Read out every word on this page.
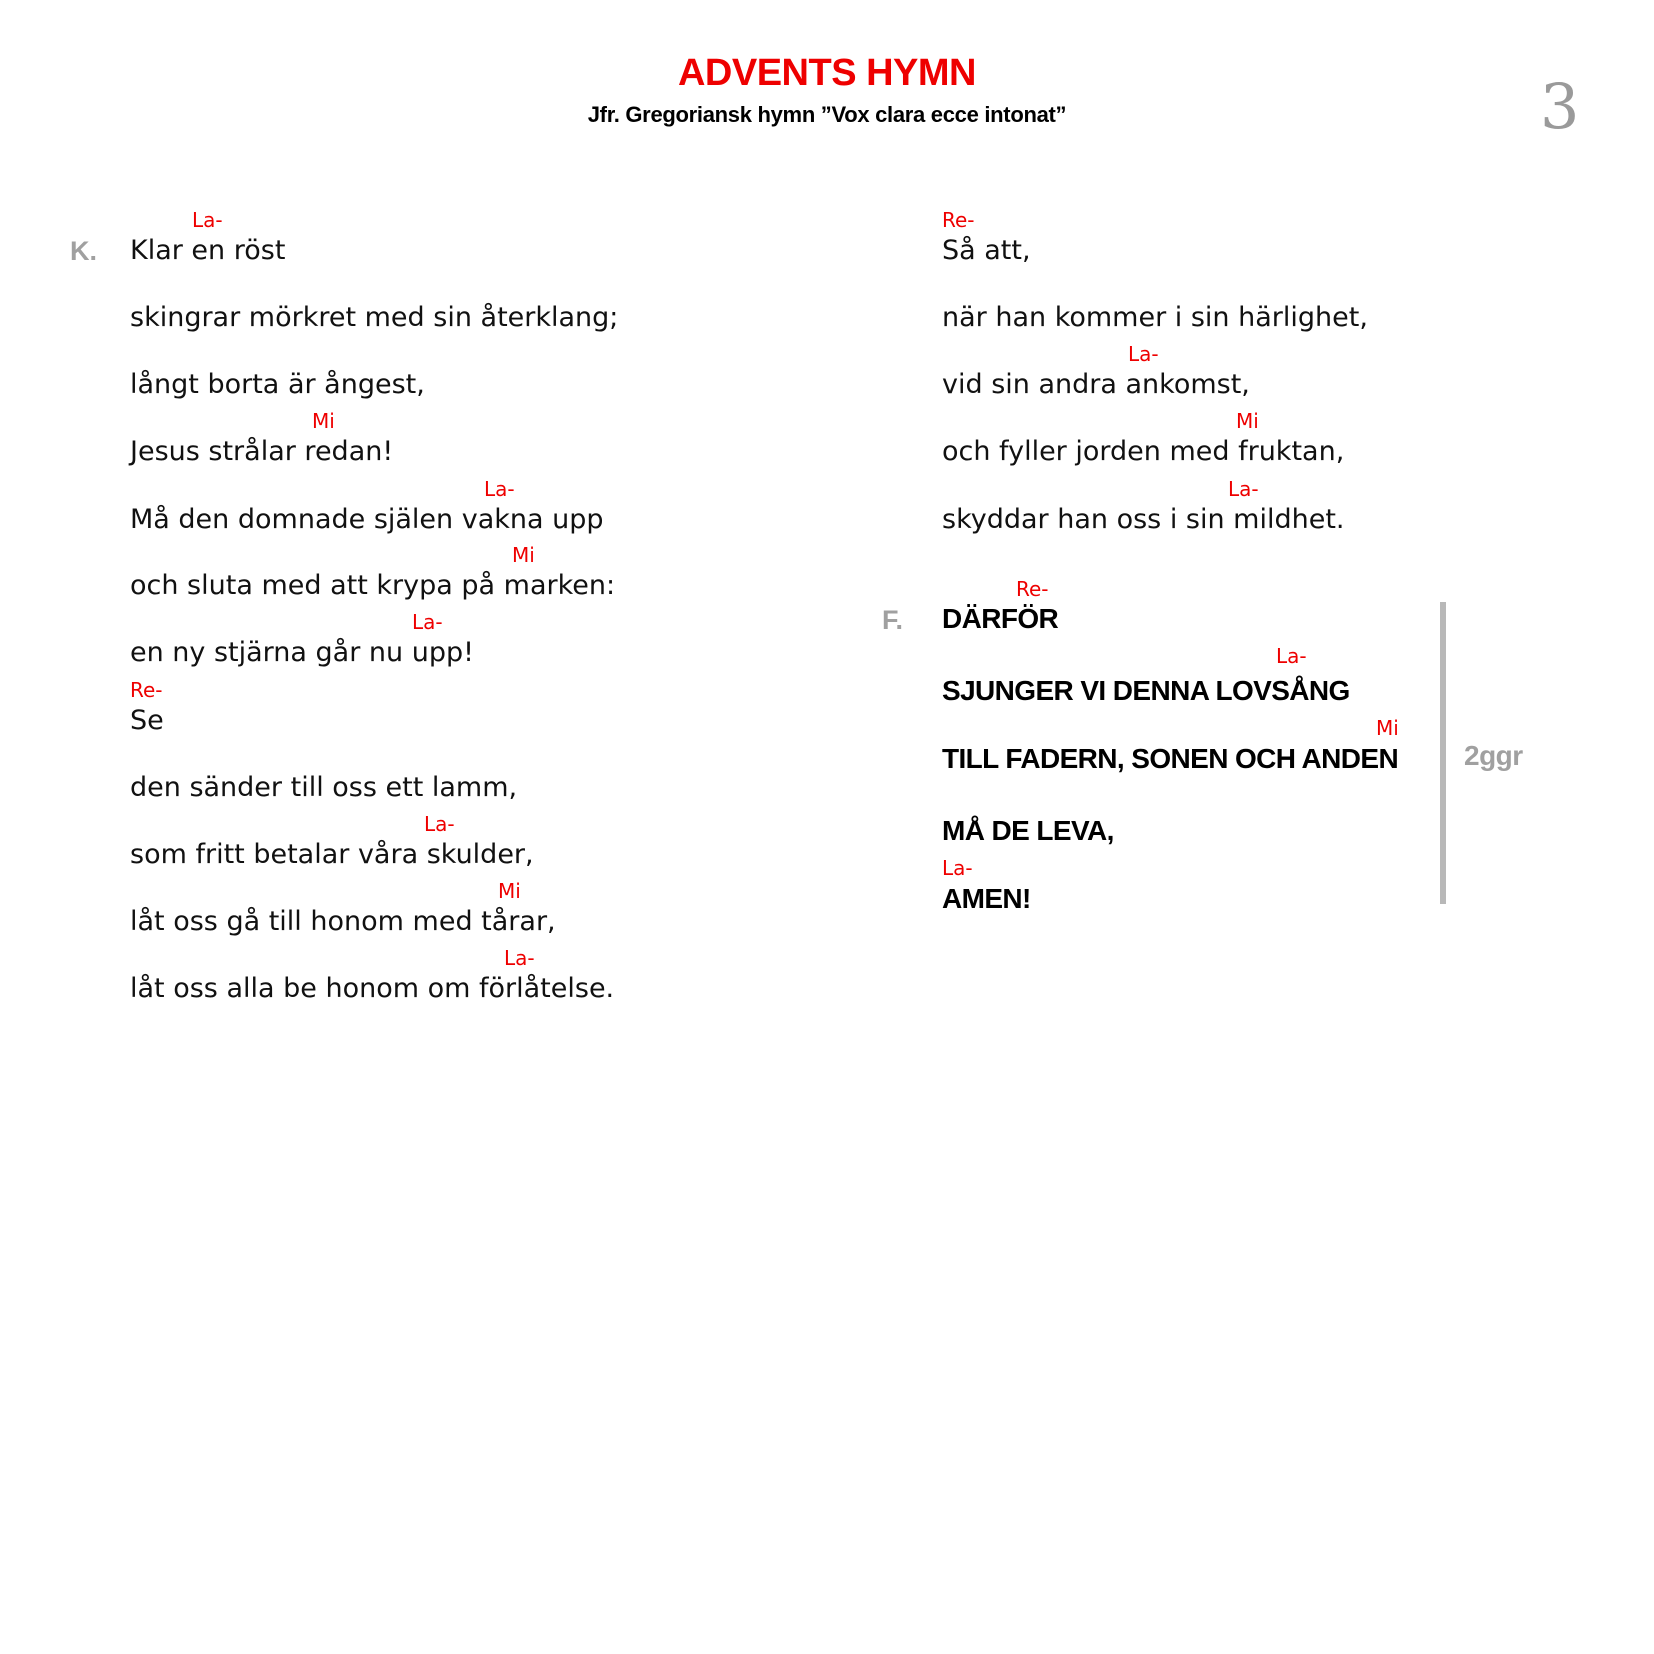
ADVENTS HYMN
Jfr. Gregoriansk hymn ”Vox clara ecce intonat”	3
K.
La-
Klar en röst
skingrar mörkret med sin återklang;
långt borta är ångest,
Mi
Jesus strålar redan!
La-
Må den domnade själen vakna upp
Mi
och sluta med att krypa på marken:
La-
en ny stjärna går nu upp!
Re-
Se
den sänder till oss ett lamm,
La-
som fritt betalar våra skulder,
Mi
låt oss gå till honom med tårar,
La-
låt oss alla be honom om förlåtelse.
Re-
Så att,
när han kommer i sin härlighet,
La-
vid sin andra ankomst,
Mi
och fyller jorden med fruktan,
La-
skyddar han oss i sin mildhet.
F.
Re-
DÄRFÖR
La-
SJUNGER VI DENNA LOVSÅNG
Mi
TILL FADERN, SONEN OCH ANDEN
MÅ DE LEVA,
La-
AMEN!
2ggr
